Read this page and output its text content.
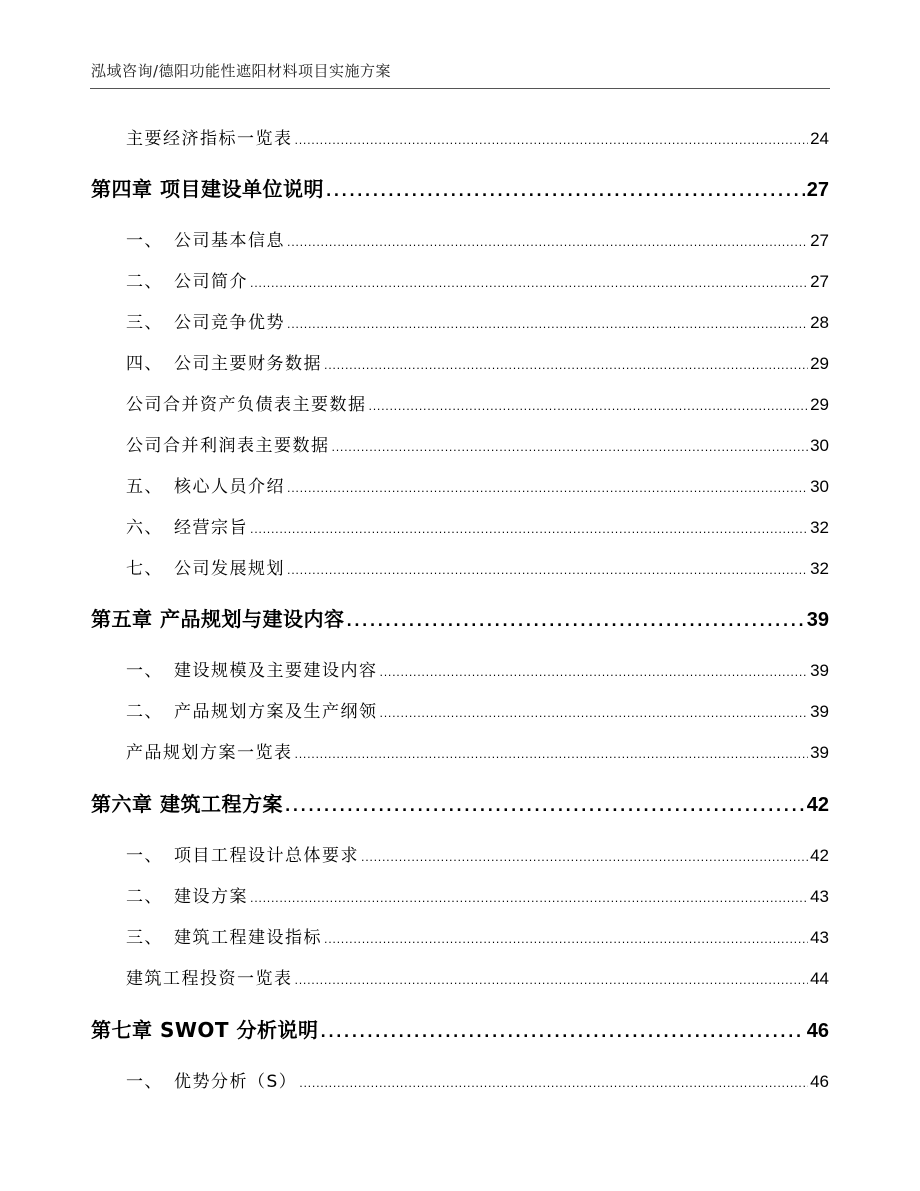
泓域咨询/德阳功能性遮阳材料项目实施方案
主要经济指标一览表 . . .	24
第四章 项目建设单位说明 . . .	27
一、 公司基本信息 . . .	27
二、 公司简介 . . .	27
三、 公司竞争优势 . . .	28
四、 公司主要财务数据 . . .	29
公司合并资产负债表主要数据 . . .	29
公司合并利润表主要数据 . . .	30
五、 核心人员介绍 . . .	30
六、 经营宗旨 . . .	32
七、 公司发展规划 . . .	32
第五章 产品规划与建设内容 . . .	39
一、 建设规模及主要建设内容 . . .	39
二、 产品规划方案及生产纲领 . . .	39
产品规划方案一览表 . . .	39
第六章 建筑工程方案 . . .	42
一、 项目工程设计总体要求 . . .	42
二、 建设方案 . . .	43
三、 建筑工程建设指标 . . .	43
建筑工程投资一览表 . . .	44
第七章 SWOT 分析说明 . . .	46
一、 优势分析（S） . . .	46
